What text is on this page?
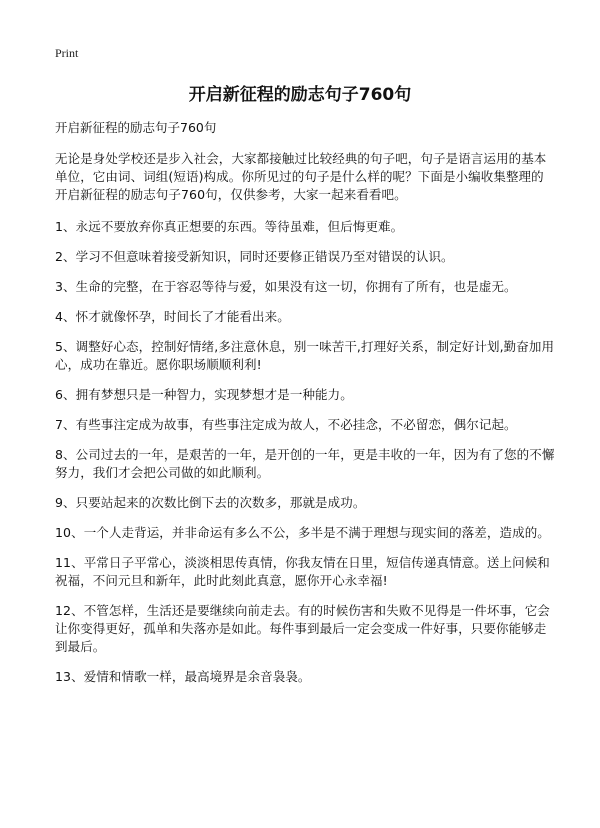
Print
开启新征程的励志句子760句

开启新征程的励志句子760句

无论是身处学校还是步入社会，大家都接触过比较经典的句子吧，句子是语言运用的基本单位，它由词、词组(短语)构成。你所见过的句子是什么样的呢？下面是小编收集整理的开启新征程的励志句子760句，仅供参考，大家一起来看看吧。

1、永远不要放弃你真正想要的东西。等待虽难，但后悔更难。

2、学习不但意味着接受新知识，同时还要修正错误乃至对错误的认识。

3、生命的完整，在于容忍等待与爱，如果没有这一切，你拥有了所有，也是虚无。

4、怀才就像怀孕，时间长了才能看出来。

5、调整好心态，控制好情绪,多注意休息，别一味苦干,打理好关系，制定好计划,勤奋加用心，成功在靠近。愿你职场顺顺利利!

6、拥有梦想只是一种智力，实现梦想才是一种能力。

7、有些事注定成为故事，有些事注定成为故人，不必挂念，不必留恋，偶尔记起。

8、公司过去的一年，是艰苦的一年，是开创的一年，更是丰收的一年，因为有了您的不懈努力，我们才会把公司做的如此顺利。

9、只要站起来的次数比倒下去的次数多，那就是成功。

10、一个人走背运，并非命运有多么不公，多半是不满于理想与现实间的落差，造成的。

11、平常日子平常心，淡淡相思传真情，你我友情在日里，短信传递真情意。送上问候和祝福，不问元旦和新年，此时此刻此真意，愿你开心永幸福!

12、不管怎样，生活还是要继续向前走去。有的时候伤害和失败不见得是一件坏事，它会让你变得更好，孤单和失落亦是如此。每件事到最后一定会变成一件好事，只要你能够走到最后。

13、爱情和情歌一样，最高境界是余音袅袅。
